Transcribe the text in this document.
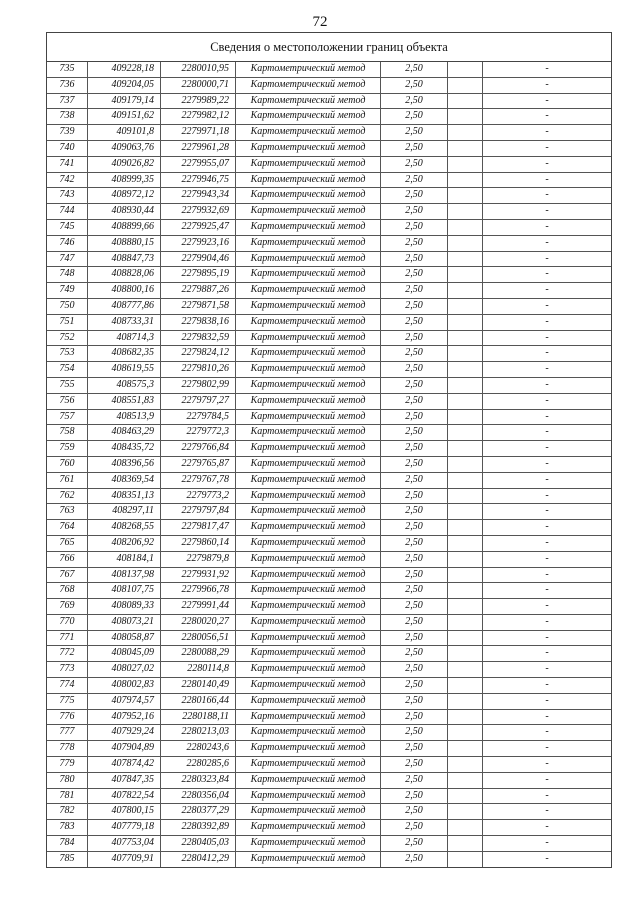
72
Сведения о местоположении границ объекта
735	409228,18	2280010,95	Картометрический метод	2,50		-
736	409204,05	2280000,71	Картометрический метод	2,50		-
737	409179,14	2279989,22	Картометрический метод	2,50		-
738	409151,62	2279982,12	Картометрический метод	2,50		-
739	409101,8	2279971,18	Картометрический метод	2,50		-
740	409063,76	2279961,28	Картометрический метод	2,50		-
741	409026,82	2279955,07	Картометрический метод	2,50		-
742	408999,35	2279946,75	Картометрический метод	2,50		-
743	408972,12	2279943,34	Картометрический метод	2,50		-
744	408930,44	2279932,69	Картометрический метод	2,50		-
745	408899,66	2279925,47	Картометрический метод	2,50		-
746	408880,15	2279923,16	Картометрический метод	2,50		-
747	408847,73	2279904,46	Картометрический метод	2,50		-
748	408828,06	2279895,19	Картометрический метод	2,50		-
749	408800,16	2279887,26	Картометрический метод	2,50		-
750	408777,86	2279871,58	Картометрический метод	2,50		-
751	408733,31	2279838,16	Картометрический метод	2,50		-
752	408714,3	2279832,59	Картометрический метод	2,50		-
753	408682,35	2279824,12	Картометрический метод	2,50		-
754	408619,55	2279810,26	Картометрический метод	2,50		-
755	408575,3	2279802,99	Картометрический метод	2,50		-
756	408551,83	2279797,27	Картометрический метод	2,50		-
757	408513,9	2279784,5	Картометрический метод	2,50		-
758	408463,29	2279772,3	Картометрический метод	2,50		-
759	408435,72	2279766,84	Картометрический метод	2,50		-
760	408396,56	2279765,87	Картометрический метод	2,50		-
761	408369,54	2279767,78	Картометрический метод	2,50		-
762	408351,13	2279773,2	Картометрический метод	2,50		-
763	408297,11	2279797,84	Картометрический метод	2,50		-
764	408268,55	2279817,47	Картометрический метод	2,50		-
765	408206,92	2279860,14	Картометрический метод	2,50		-
766	408184,1	2279879,8	Картометрический метод	2,50		-
767	408137,98	2279931,92	Картометрический метод	2,50		-
768	408107,75	2279966,78	Картометрический метод	2,50		-
769	408089,33	2279991,44	Картометрический метод	2,50		-
770	408073,21	2280020,27	Картометрический метод	2,50		-
771	408058,87	2280056,51	Картометрический метод	2,50		-
772	408045,09	2280088,29	Картометрический метод	2,50		-
773	408027,02	2280114,8	Картометрический метод	2,50		-
774	408002,83	2280140,49	Картометрический метод	2,50		-
775	407974,57	2280166,44	Картометрический метод	2,50		-
776	407952,16	2280188,11	Картометрический метод	2,50		-
777	407929,24	2280213,03	Картометрический метод	2,50		-
778	407904,89	2280243,6	Картометрический метод	2,50		-
779	407874,42	2280285,6	Картометрический метод	2,50		-
780	407847,35	2280323,84	Картометрический метод	2,50		-
781	407822,54	2280356,04	Картометрический метод	2,50		-
782	407800,15	2280377,29	Картометрический метод	2,50		-
783	407779,18	2280392,89	Картометрический метод	2,50		-
784	407753,04	2280405,03	Картометрический метод	2,50		-
785	407709,91	2280412,29	Картометрический метод	2,50		-
